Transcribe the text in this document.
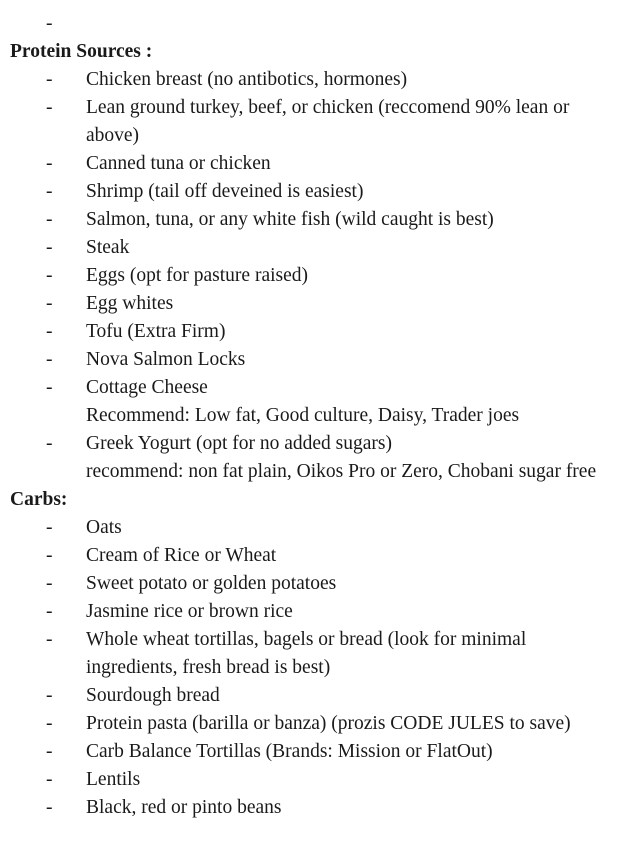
-
Protein Sources :
- Chicken breast (no antibotics, hormones)
- Lean ground turkey, beef, or chicken (reccomend 90% lean or
above)
- Canned tuna or chicken
- Shrimp (tail off deveined is easiest)
- Salmon, tuna, or any white fish (wild caught is best)
- Steak
- Eggs (opt for pasture raised)
- Egg whites
- Tofu (Extra Firm)
- Nova Salmon Locks
- Cottage Cheese
Recommend: Low fat, Good culture, Daisy, Trader joes
- Greek Yogurt (opt for no added sugars)
recommend: non fat plain, Oikos Pro or Zero, Chobani sugar free
Carbs:
- Oats
- Cream of Rice or Wheat
- Sweet potato or golden potatoes
- Jasmine rice or brown rice
- Whole wheat tortillas, bagels or bread (look for minimal
ingredients, fresh bread is best)
- Sourdough bread
- Protein pasta (barilla or banza) (prozis CODE JULES to save)
- Carb Balance Tortillas (Brands: Mission or FlatOut)
- Lentils
- Black, red or pinto beans
